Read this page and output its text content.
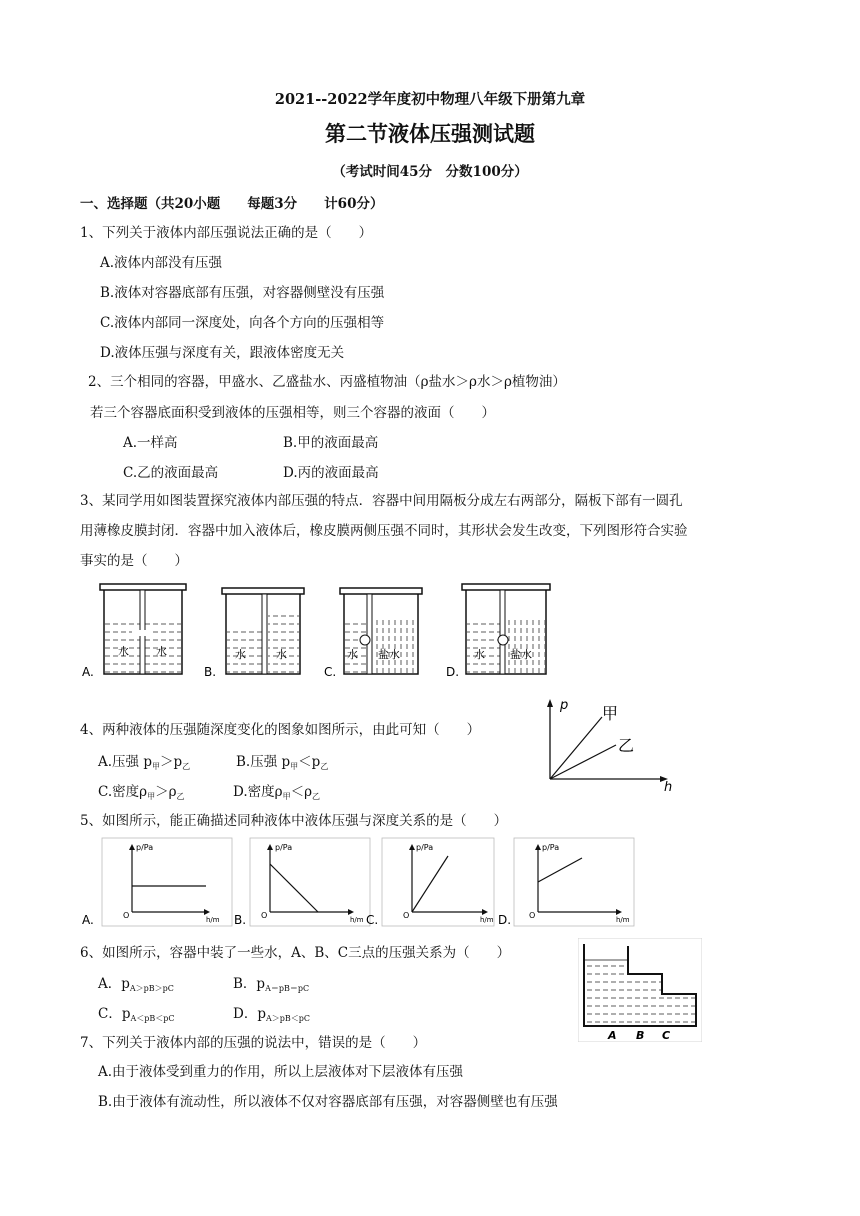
2021--2022学年度初中物理八年级下册第九章
第二节液体压强测试题
（考试时间45分　分数100分）
一、选择题（共20小题　　每题3分　　计60分）
1、下列关于液体内部压强说法正确的是（　　）
A.液体内部没有压强
B.液体对容器底部有压强，对容器侧壁没有压强
C.液体内部同一深度处，向各个方向的压强相等
D.液体压强与深度有关，跟液体密度无关
2、三个相同的容器，甲盛水、乙盛盐水、丙盛植物油（ρ盐水＞ρ水＞ρ植物油）
若三个容器底面积受到液体的压强相等，则三个容器的液面（　　）
A.一样高	B.甲的液面最高
C.乙的液面最高	D.丙的液面最高
3、某同学用如图装置探究液体内部压强的特点．容器中间用隔板分成左右两部分，隔板下部有一圆孔
用薄橡皮膜封闭．容器中加入液体后，橡皮膜两侧压强不同时，其形状会发生改变，下列图形符合实验
事实的是（　　）
水 水
A.
水	水
B.
水 盐水
C.
水 盐水
D.
4、两种液体的压强随深度变化的图象如图所示，由此可知（　　）
A.压强 $p_甲>p_乙$	B.压强 $p_甲<p_乙$
C.密度$\rho_甲>\rho_乙$	D.密度$\rho_甲<\rho_乙$
p
h
甲
乙
5、如图所示，能正确描述同种液体中液体压强与深度关系的是（　　）
p/Pa
h/m
O
A.
p/Pa
h/m
O
B.
p/Pa
h/m
O
C.
p/Pa
h/m
O
D.
6、如图所示，容器中装了一些水，A、B、C三点的压强关系为（　　）
A．$p_{A>pB>pC}$	B．$p_{A=pB=pC}$
C．$p_{A<pB<pC}$	D．$p_{A>pB<pC}$
A B C
7、下列关于液体内部的压强的说法中，错误的是（　　）
A.由于液体受到重力的作用，所以上层液体对下层液体有压强
B.由于液体有流动性，所以液体不仅对容器底部有压强，对容器侧壁也有压强
